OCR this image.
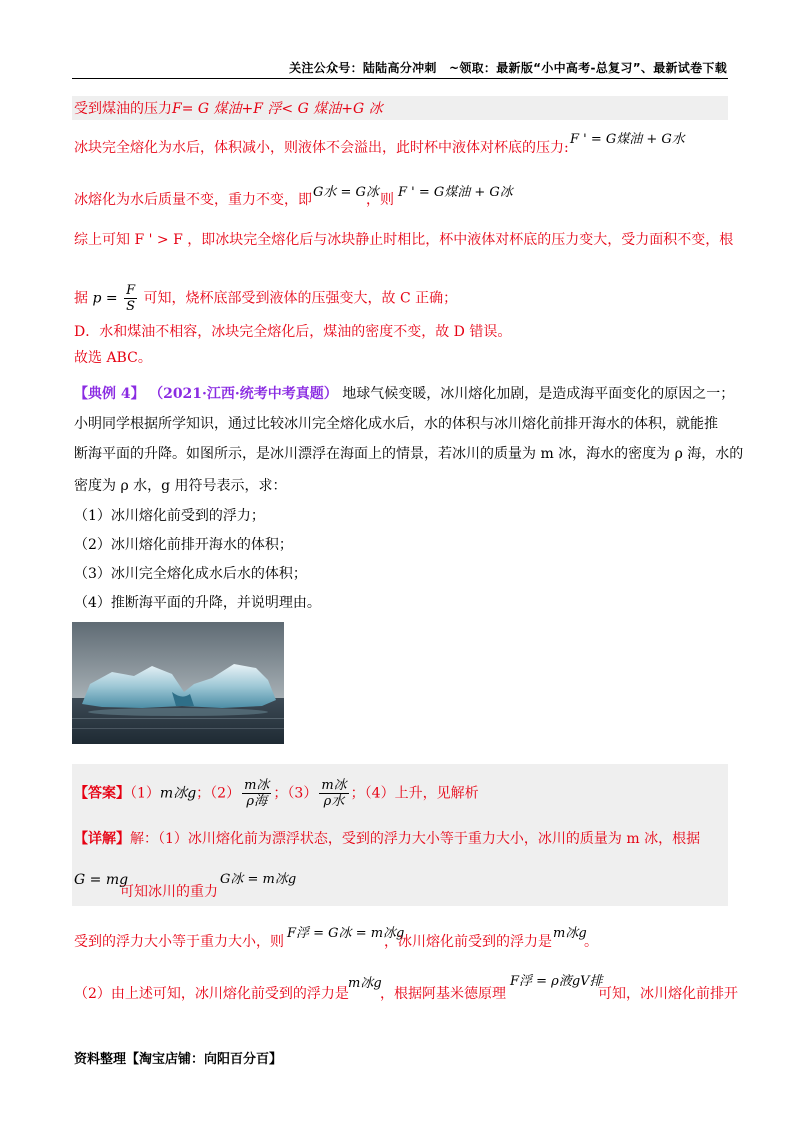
关注公众号：陆陆高分冲刺　~领取：最新版“小中高考-总复习”、最新试卷下载
受到煤油的压力F= G 煤油+F 浮< G 煤油+G 冰
冰块完全熔化为水后，体积减小，则液体不会溢出，此时杯中液体对杯底的压力:
F ' = G煤油 + G水
冰熔化为水后质量不变，重力不变，即 G水 = G冰
，则 F ' = G煤油 + G冰
综上可知 F ' > F ，即冰块完全熔化后与冰块静止时相比，杯中液体对杯底的压力变大，受力面积不变，根
据 $p = \frac{F}{S}$ 可知，烧杯底部受到液体的压强变大，故 C 正确；
D．水和煤油不相容，冰块完全熔化后，煤油的密度不变，故 D 错误。
故选 ABC。
【典例 4】 （2021·江西·统考中考真题） 地球气候变暖，冰川熔化加剧，是造成海平面变化的原因之一；
小明同学根据所学知识，通过比较冰川完全熔化成水后，水的体积与冰川熔化前排开海水的体积，就能推
断海平面的升降。如图所示，是冰川漂浮在海面上的情景，若冰川的质量为 m 冰，海水的密度为 ρ 海，水的
密度为 ρ 水，g 用符号表示，求：
（1）冰川熔化前受到的浮力；
（2）冰川熔化前排开海水的体积；
（3）冰川完全熔化成水后水的体积；
（4）推断海平面的升降，并说明理由。
【答案】（1）m冰g；$(2) \frac{\text{m冰}}{\text{ρ海}}$ ；$(3) \frac{\text{m冰}}{\text{ρ水}}$ ；（4）上升，见解析
【详解】解：（1）冰川熔化前为漂浮状态，受到的浮力大小等于重力大小，冰川的质量为 m 冰，根据
G = mg
可知冰川的重力
G冰 = m冰g
受到的浮力大小等于重力大小，则
F浮 = G冰 = m冰g
，冰川熔化前受到的浮力是
m冰g
。
（2）由上述可知，冰川熔化前受到的浮力是
m冰g
，根据阿基米德原理
F浮 = ρ液gV排
可知，冰川熔化前排开
资料整理【淘宝店铺：向阳百分百】
